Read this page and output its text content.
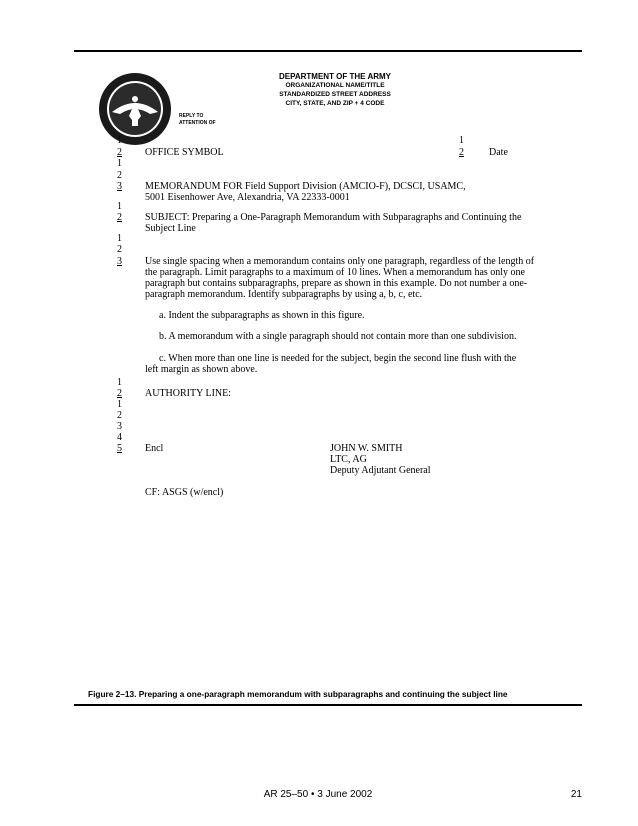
DEPARTMENT OF THE ARMY
ORGANIZATIONAL NAME/TITLE
STANDARDIZED STREET ADDRESS
CITY, STATE, AND ZIP + 4 CODE
REPLY TO
ATTENTION OF
1
2
1
2
3
1
2
1
2
3
1
2
1
2
3
4
5
1
2
OFFICE SYMBOL	Date
MEMORANDUM FOR Field Support Division (AMCIO-F), DCSCI, USAMC,
5001 Eisenhower Ave, Alexandria, VA 22333-0001
SUBJECT: Preparing a One-Paragraph Memorandum with Subparagraphs and Continuing the
Subject Line
Use single spacing when a memorandum contains only one paragraph, regardless of the length of
the paragraph. Limit paragraphs to a maximum of 10 lines. When a memorandum has only one
paragraph but contains subparagraphs, prepare as shown in this example. Do not number a one-
paragraph memorandum. Identify subparagraphs by using a, b, c, etc.
a. Indent the subparagraphs as shown in this figure.
b. A memorandum with a single paragraph should not contain more than one subdivision.
c. When more than one line is needed for the subject, begin the second line flush with the
left margin as shown above.
AUTHORITY LINE:
Encl	JOHN W. SMITH
LTC, AG
Deputy Adjutant General
CF: ASGS (w/encl)
Figure 2–13. Preparing a one-paragraph memorandum with subparagraphs and continuing the subject line
AR 25–50 • 3 June 2002	21
